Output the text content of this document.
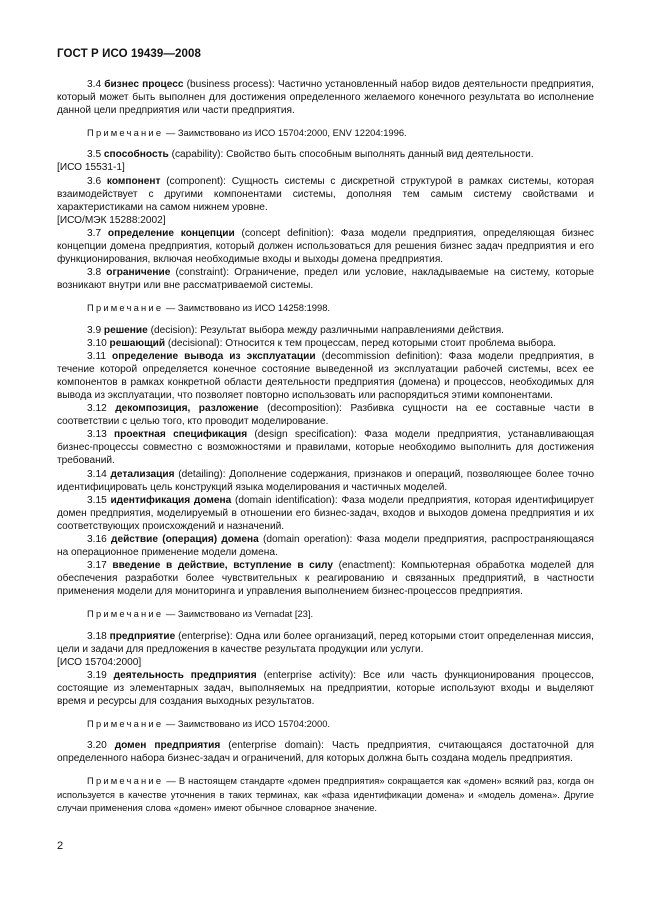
ГОСТ Р ИСО 19439—2008

3.4 бизнес процесс (business process): Частично установленный набор видов деятельности предприятия, который может быть выполнен для достижения определенного желаемого конечного результата во исполнение данной цели предприятия или части предприятия.

Примечание — Заимствовано из ИСО 15704:2000, ENV 12204:1996.

3.5 способность (capability): Свойство быть способным выполнять данный вид деятельности.

[ИСО 15531-1]

3.6 компонент (component): Сущность системы с дискретной структурой в рамках системы, которая взаимодействует с другими компонентами системы, дополняя тем самым систему свойствами и характеристиками на самом нижнем уровне.

[ИСО/МЭК 15288:2002]

3.7 определение концепции (concept definition): Фаза модели предприятия, определяющая бизнес концепции домена предприятия, который должен использоваться для решения бизнес задач предприятия и его функционирования, включая необходимые входы и выходы домена предприятия.

3.8 ограничение (constraint): Ограничение, предел или условие, накладываемые на систему, которые возникают внутри или вне рассматриваемой системы.

Примечание — Заимствовано из ИСО 14258:1998.

3.9 решение (decision): Результат выбора между различными направлениями действия.

3.10 решающий (decisional): Относится к тем процессам, перед которыми стоит проблема выбора.

3.11 определение вывода из эксплуатации (decommission definition): Фаза модели предприятия, в течение которой определяется конечное состояние выведенной из эксплуатации рабочей системы, всех ее компонентов в рамках конкретной области деятельности предприятия (домена) и процессов, необходимых для вывода из эксплуатации, что позволяет повторно использовать или распорядиться этими компонентами.

3.12 декомпозиция, разложение (decomposition): Разбивка сущности на ее составные части в соответствии с целью того, кто проводит моделирование.

3.13 проектная спецификация (design specification): Фаза модели предприятия, устанавливающая бизнес-процессы совместно с возможностями и правилами, которые необходимо выполнить для достижения требований.

3.14 детализация (detailing): Дополнение содержания, признаков и операций, позволяющее более точно идентифицировать цель конструкций языка моделирования и частичных моделей.

3.15 идентификация домена (domain identification): Фаза модели предприятия, которая идентифицирует домен предприятия, моделируемый в отношении его бизнес-задач, входов и выходов домена предприятия и их соответствующих происхождений и назначений.

3.16 действие (операция) домена (domain operation): Фаза модели предприятия, распространяющаяся на операционное применение модели домена.

3.17 введение в действие, вступление в силу (enactment): Компьютерная обработка моделей для обеспечения разработки более чувствительных к реагированию и связанных предприятий, в частности применения модели для мониторинга и управления выполнением бизнес-процессов предприятия.

Примечание — Заимствовано из Vernadat [23].

3.18 предприятие (enterprise): Одна или более организаций, перед которыми стоит определенная миссия, цели и задачи для предложения в качестве результата продукции или услуги.

[ИСО 15704:2000]

3.19 деятельность предприятия (enterprise activity): Все или часть функционирования процессов, состоящие из элементарных задач, выполняемых на предприятии, которые используют входы и выделяют время и ресурсы для создания выходных результатов.

Примечание — Заимствовано из ИСО 15704:2000.

3.20 домен предприятия (enterprise domain): Часть предприятия, считающаяся достаточной для определенного набора бизнес-задач и ограничений, для которых должна быть создана модель предприятия.

Примечание — В настоящем стандарте «домен предприятия» сокращается как «домен» всякий раз, когда он используется в качестве уточнения в таких терминах, как «фаза идентификации домена» и «модель домена». Другие случаи применения слова «домен» имеют обычное словарное значение.

2
